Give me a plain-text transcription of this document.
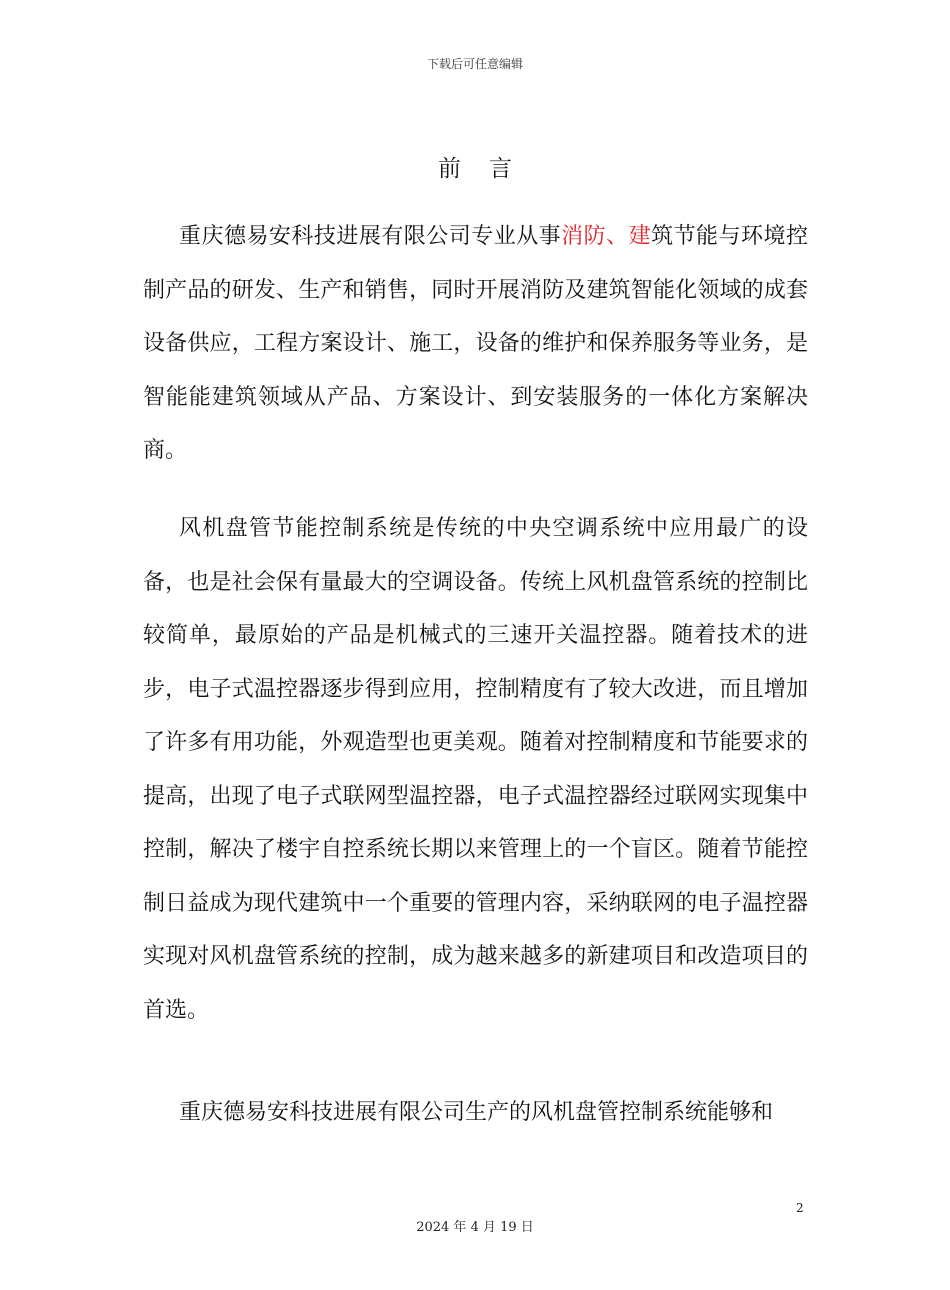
下载后可任意编辑
前言

重庆德易安科技进展有限公司专业从事消防、建筑节能与环境控制产品的研发、生产和销售，同时开展消防及建筑智能化领域的成套设备供应，工程方案设计、施工，设备的维护和保养服务等业务，是智能能建筑领域从产品、方案设计、到安装服务的一体化方案解决商。

风机盘管节能控制系统是传统的中央空调系统中应用最广的设备，也是社会保有量最大的空调设备。传统上风机盘管系统的控制比较简单，最原始的产品是机械式的三速开关温控器。随着技术的进步，电子式温控器逐步得到应用，控制精度有了较大改进，而且增加了许多有用功能，外观造型也更美观。随着对控制精度和节能要求的提高，出现了电子式联网型温控器，电子式温控器经过联网实现集中控制，解决了楼宇自控系统长期以来管理上的一个盲区。随着节能控制日益成为现代建筑中一个重要的管理内容，采纳联网的电子温控器实现对风机盘管系统的控制，成为越来越多的新建项目和改造项目的首选。

重庆德易安科技进展有限公司生产的风机盘管控制系统能够和

2
2024 年 4 月 19 日
